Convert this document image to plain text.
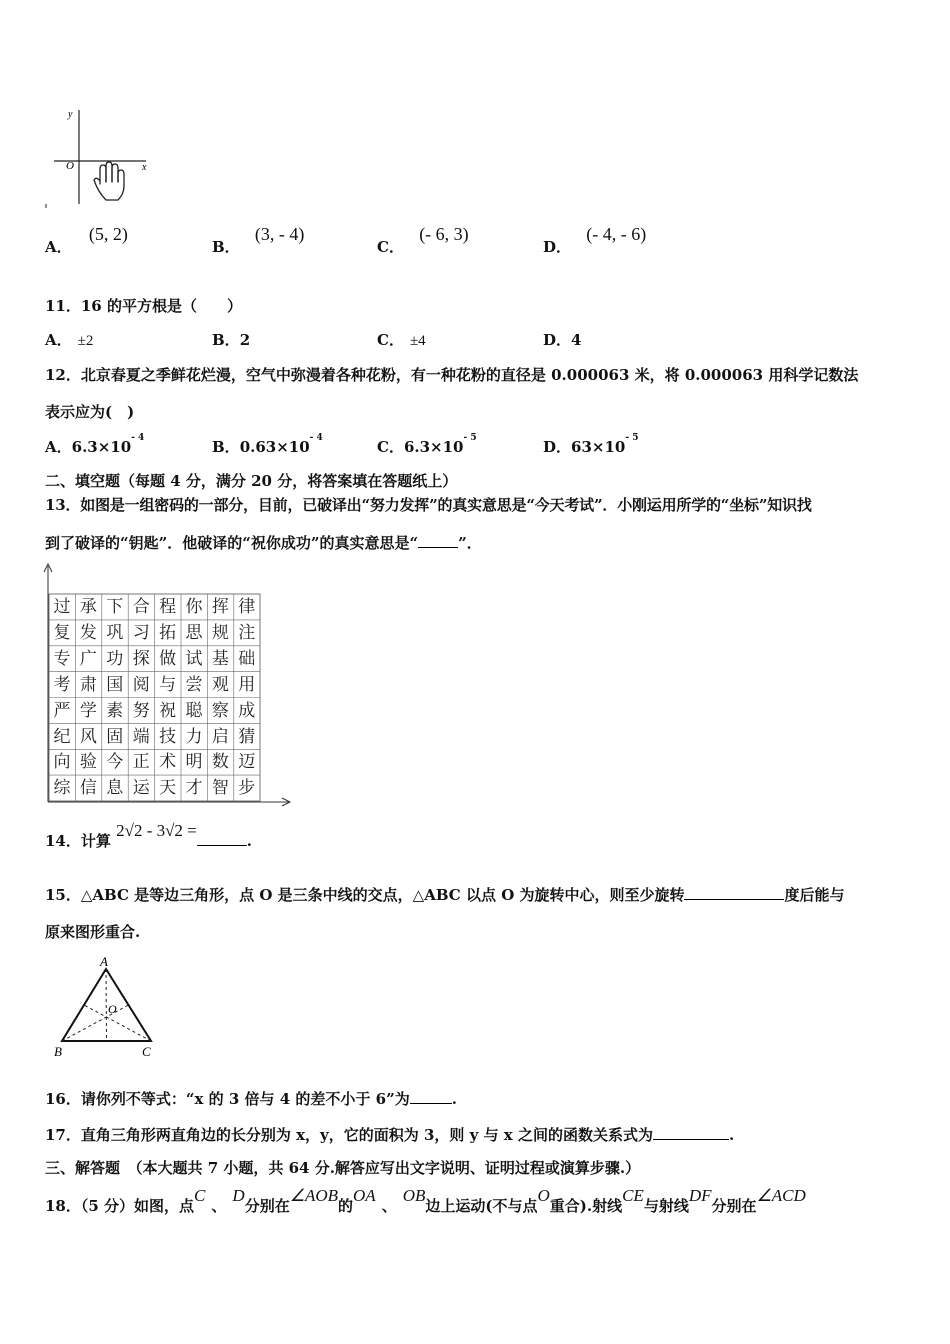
y
x
O
A． (5, 2)
B． (3, - 4)
C． (- 6, 3)
D． (- 4, - 6)
11．16 的平方根是（　　）
A． ±2	B．2	C． ±4	D．4
12．北京春夏之季鲜花烂漫，空气中弥漫着各种花粉，有一种花粉的直径是 0.000063 米，将 0.000063 用科学记数法
表示应为(　)
A．$6.3\times 10^{- 4}$	B．$0.63\times 10^{- 4}$	C．$6.3\times 10^{- 5}$	D．$63\times 10^{- 5}$
二、填空题（每题 4 分，满分 20 分，将答案填在答题纸上）
13．如图是一组密码的一部分，目前，已破译出“努力发挥”的真实意思是“今天考试”．小刚运用所学的“坐标”知识找
到了破译的“钥匙”．他破译的“祝你成功”的真实意思是“	”．
过 承 下 合 程 你 挥 律
复 发 巩 习 拓 思 规 注
专 广 功 探 做 试 基 础
考 肃 国 阅 与 尝 观 用
严 学 素 努 祝 聪 察 成
纪 风 固 端 技 力 启 猜
向 验 今 正 术 明 数 迈
综 信 息 运 天 才 智 步
14．计算 2√2 - 3√2 =.
15．△ABC 是等边三角形，点 O 是三条中线的交点，△ABC 以点 O 为旋转中心，则至少旋转	度后能与
原来图形重合.
A
B	C
O
16．请你列不等式：“x 的 3 倍与 4 的差不小于 6”为	.
17．直角三角形两直角边的长分别为 x，y，它的面积为 3，则 y 与 x 之间的函数关系式为	.
三、解答题　（本大题共 7 小题，共 64 分.解答应写出文字说明、证明过程或演算步骤.）
18．（5 分）如图，点C、D分别在∠AOB的OA、OB边上运动(不与点O重合).射线CE与射线DF分别在∠ACD
